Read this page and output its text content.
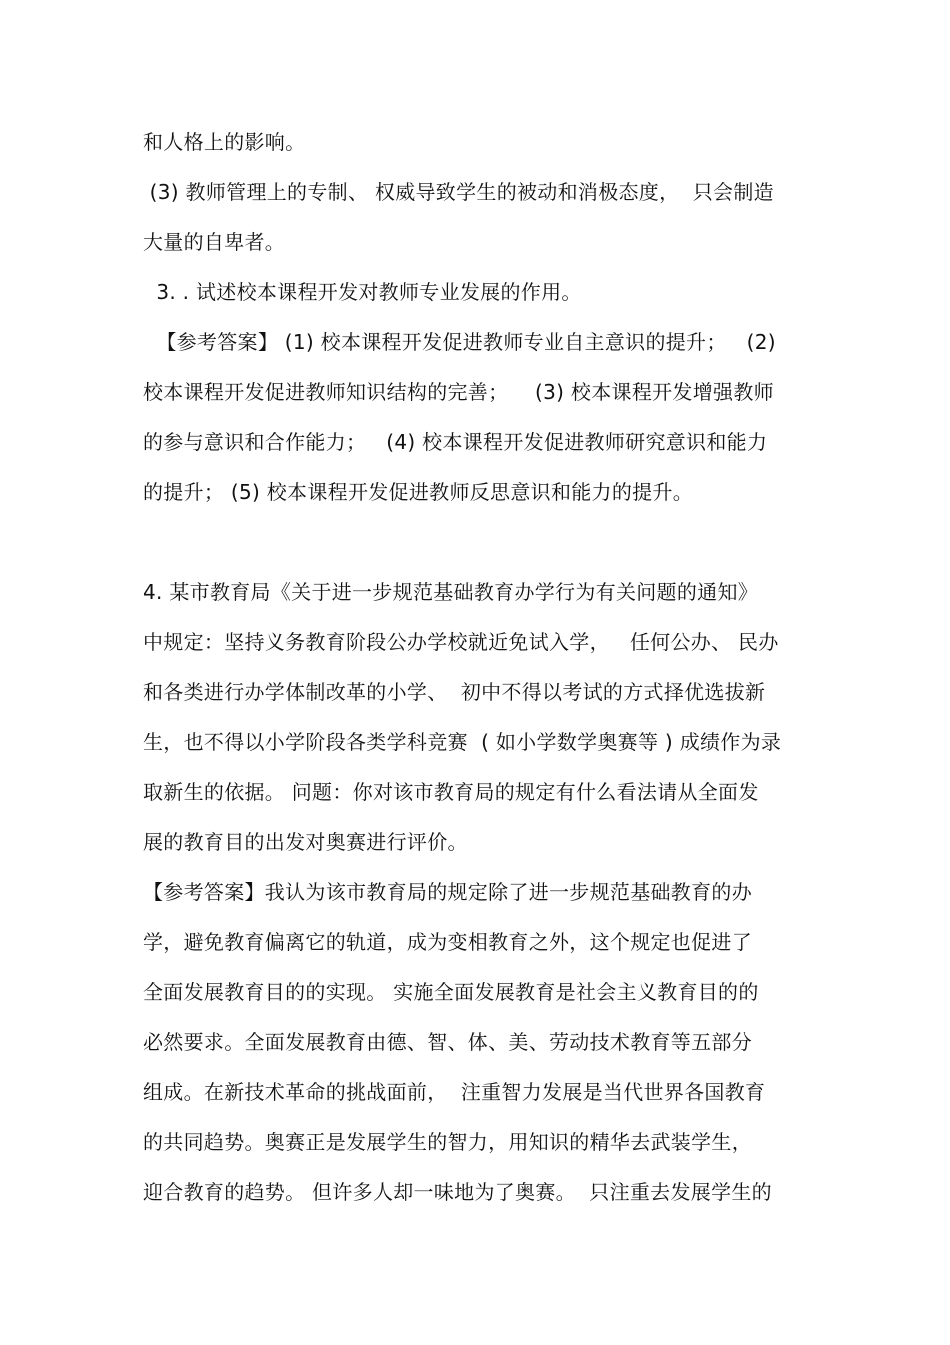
和人格上的影响。
(3) 教师管理上的专制、 权威导致学生的被动和消极态度，  只会制造
大量的自卑者。
3. . 试述校本课程开发对教师专业发展的作用。
【参考答案】 (1) 校本课程开发促进教师专业自主意识的提升；   (2)
校本课程开发促进教师知识结构的完善；    (3) 校本课程开发增强教师
的参与意识和合作能力；   (4) 校本课程开发促进教师研究意识和能力
的提升； (5) 校本课程开发促进教师反思意识和能力的提升。
4. 某市教育局《关于进一步规范基础教育办学行为有关问题的通知》
中规定：坚持义务教育阶段公办学校就近免试入学，   任何公办、 民办
和各类进行办学体制改革的小学、  初中不得以考试的方式择优选拔新
生，也不得以小学阶段各类学科竞赛  ( 如小学数学奥赛等 ) 成绩作为录
取新生的依据。 问题：你对该市教育局的规定有什么看法请从全面发
展的教育目的出发对奥赛进行评价。
【参考答案】我认为该市教育局的规定除了进一步规范基础教育的办
学，避免教育偏离它的轨道，成为变相教育之外，这个规定也促进了
全面发展教育目的的实现。 实施全面发展教育是社会主义教育目的的
必然要求。全面发展教育由德、智、体、美、劳动技术教育等五部分
组成。在新技术革命的挑战面前，  注重智力发展是当代世界各国教育
的共同趋势。奥赛正是发展学生的智力，用知识的精华去武装学生，
迎合教育的趋势。 但许多人却一味地为了奥赛。  只注重去发展学生的
